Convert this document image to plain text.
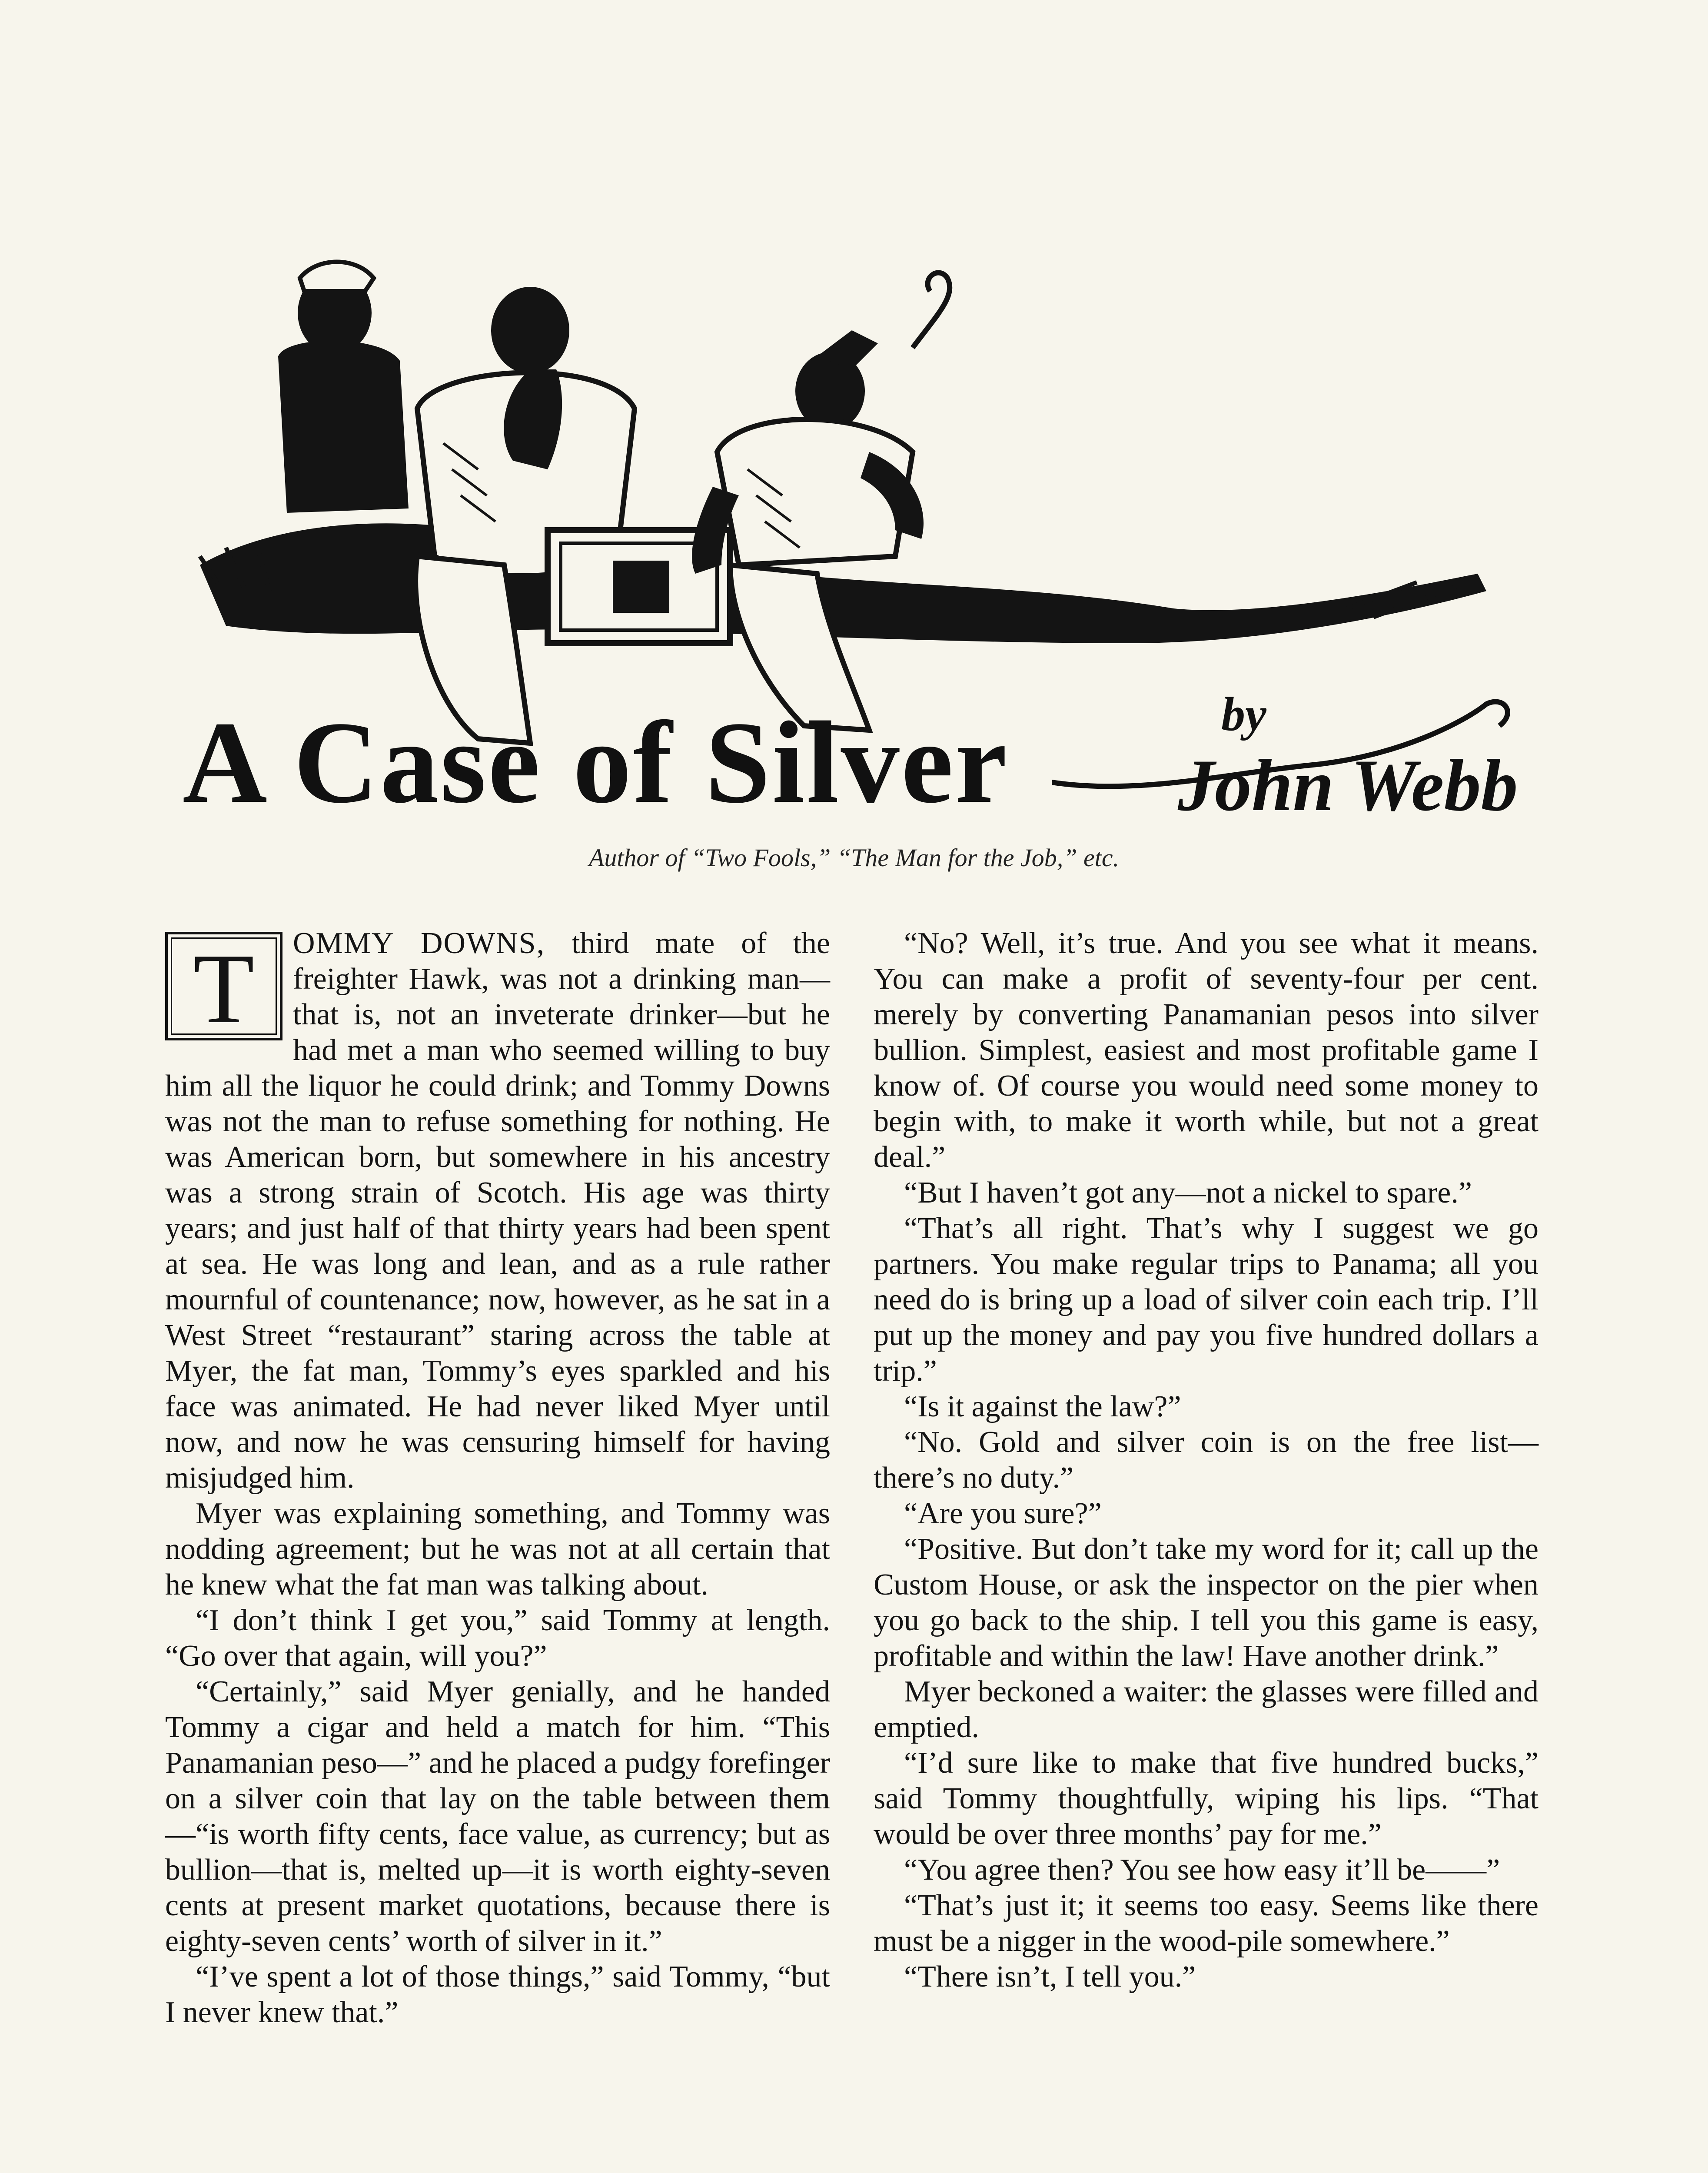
A Case of Silver	by
John Webb
Author of “Two Fools,” “The Man for the Job,” etc.

T	OMMY DOWNS, third mate of the freighter Hawk, was not a drinking man—that is, not an inveterate drinker—but he had met a man who seemed willing to buy him all the liquor he could drink; and Tommy Downs was not the man to refuse something for nothing. He was American born, but somewhere in his ancestry was a strong strain of Scotch. His age was thirty years; and just half of that thirty years had been spent at sea. He was long and lean, and as a rule rather mournful of countenance; now, however, as he sat in a West Street “restaurant” staring across the table at Myer, the fat man, Tommy’s eyes sparkled and his face was animated. He had never liked Myer until now, and now he was censuring himself for having misjudged him.

Myer was explaining something, and Tommy was nodding agreement; but he was not at all certain that he knew what the fat man was talking about.

“I don’t think I get you,” said Tommy at length. “Go over that again, will you?”

“Certainly,” said Myer genially, and he handed Tommy a cigar and held a match for him. “This Panamanian peso—” and he placed a pudgy forefinger on a silver coin that lay on the table between them—“is worth fifty cents, face value, as currency; but as bullion—that is, melted up—it is worth eighty-seven cents at present market quotations, because there is eighty-seven cents’ worth of silver in it.”

“I’ve spent a lot of those things,” said Tommy, “but I never knew that.”

“No? Well, it’s true. And you see what it means. You can make a profit of seventy-four per cent. merely by converting Panamanian pesos into silver bullion. Simplest, easiest and most profitable game I know of. Of course you would need some money to begin with, to make it worth while, but not a great deal.”

“But I haven’t got any—not a nickel to spare.”

“That’s all right. That’s why I suggest we go partners. You make regular trips to Panama; all you need do is bring up a load of silver coin each trip. I’ll put up the money and pay you five hundred dollars a trip.”

“Is it against the law?”

“No. Gold and silver coin is on the free list—there’s no duty.”

“Are you sure?”

“Positive. But don’t take my word for it; call up the Custom House, or ask the inspector on the pier when you go back to the ship. I tell you this game is easy, profitable and within the law! Have another drink.”

Myer beckoned a waiter: the glasses were filled and emptied.

“I’d sure like to make that five hundred bucks,” said Tommy thoughtfully, wiping his lips. “That would be over three months’ pay for me.”

“You agree then? You see how easy it’ll be——”

“That’s just it; it seems too easy. Seems like there must be a nigger in the wood-pile somewhere.”

“There isn’t, I tell you.”
